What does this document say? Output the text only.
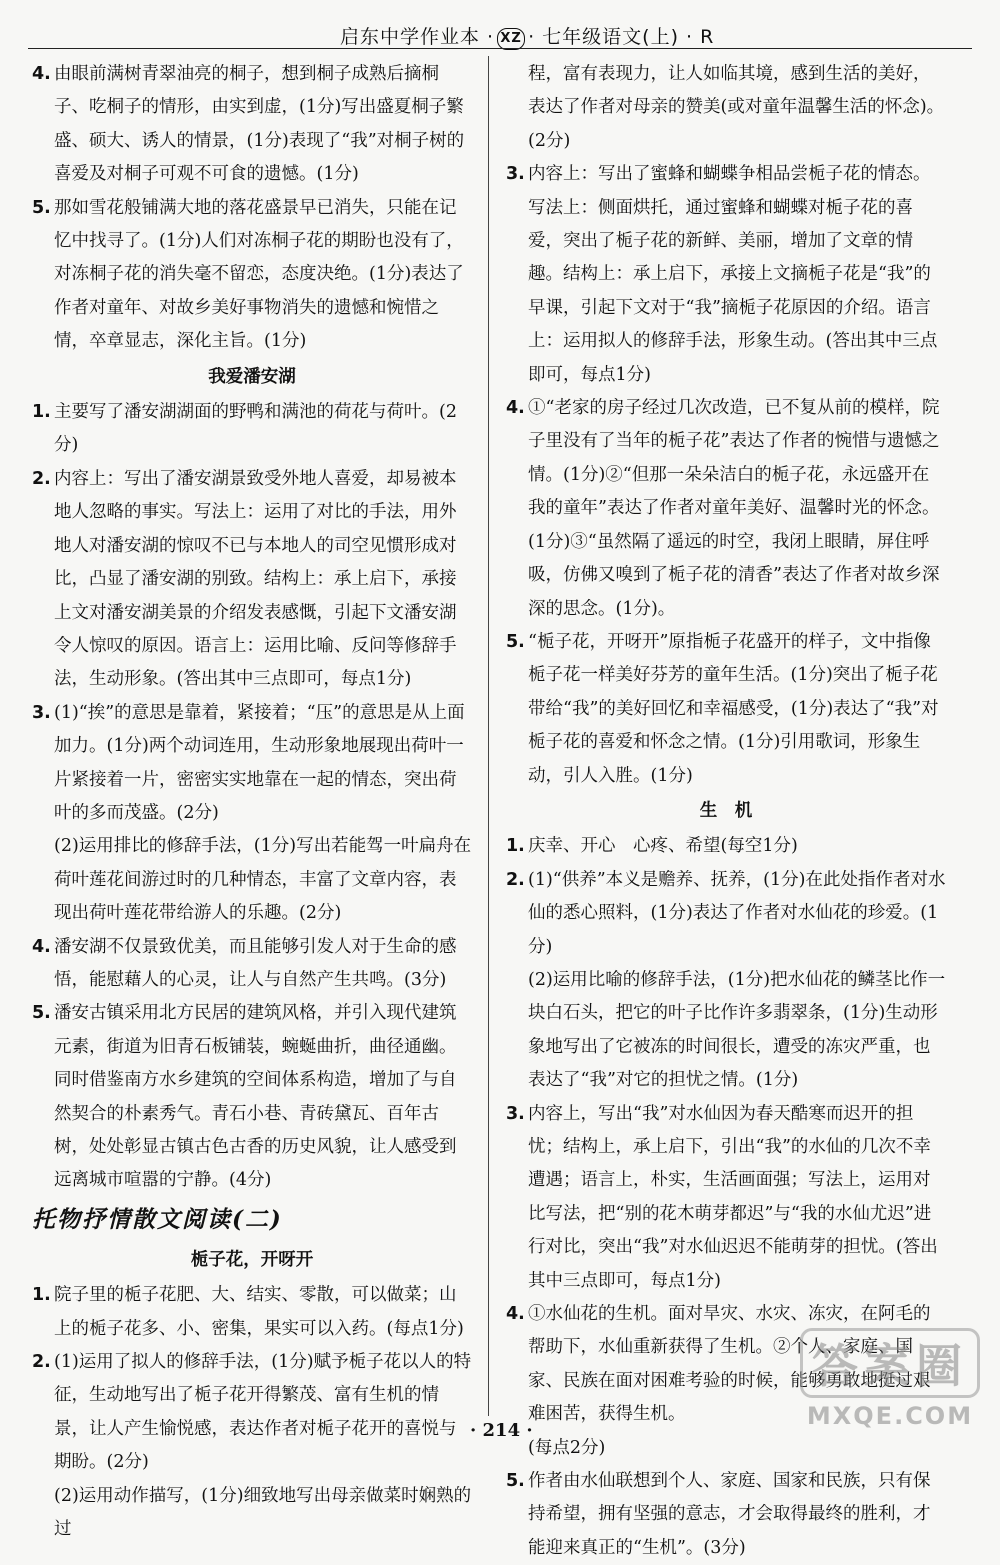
启东中学作业本 · XZ · 七年级语文(上) · R
4. 由眼前满树青翠油亮的桐子，想到桐子成熟后摘桐子、吃桐子的情形，由实到虚，(1分)写出盛夏桐子繁盛、硕大、诱人的情景，(1分)表现了“我”对桐子树的喜爱及对桐子可观不可食的遗憾。(1分)
5. 那如雪花般铺满大地的落花盛景早已消失，只能在记忆中找寻了。(1分)人们对冻桐子花的期盼也没有了，对冻桐子花的消失毫不留恋，态度决绝。(1分)表达了作者对童年、对故乡美好事物消失的遗憾和惋惜之情，卒章显志，深化主旨。(1分)
我爱潘安湖
1. 主要写了潘安湖湖面的野鸭和满池的荷花与荷叶。(2分)
2. 内容上：写出了潘安湖景致受外地人喜爱，却易被本地人忽略的事实。写法上：运用了对比的手法，用外地人对潘安湖的惊叹不已与本地人的司空见惯形成对比，凸显了潘安湖的别致。结构上：承上启下，承接上文对潘安湖美景的介绍发表感慨，引起下文潘安湖令人惊叹的原因。语言上：运用比喻、反问等修辞手法，生动形象。(答出其中三点即可，每点1分)
3. (1)“挨”的意思是靠着，紧接着；“压”的意思是从上面加力。(1分)两个动词连用，生动形象地展现出荷叶一片紧接着一片，密密实实地靠在一起的情态，突出荷叶的多而茂盛。(2分)
(2)运用排比的修辞手法，(1分)写出若能驾一叶扁舟在荷叶莲花间游过时的几种情态，丰富了文章内容，表现出荷叶莲花带给游人的乐趣。(2分)
4. 潘安湖不仅景致优美，而且能够引发人对于生命的感悟，能慰藉人的心灵，让人与自然产生共鸣。(3分)
5. 潘安古镇采用北方民居的建筑风格，并引入现代建筑元素，街道为旧青石板铺装，蜿蜒曲折，曲径通幽。同时借鉴南方水乡建筑的空间体系构造，增加了与自然契合的朴素秀气。青石小巷、青砖黛瓦、百年古树，处处彰显古镇古色古香的历史风貌，让人感受到远离城市喧嚣的宁静。(4分)
托物抒情散文阅读(二)
栀子花，开呀开
1. 院子里的栀子花肥、大、结实、零散，可以做菜；山上的栀子花多、小、密集，果实可以入药。(每点1分)
2. (1)运用了拟人的修辞手法，(1分)赋予栀子花以人的特征，生动地写出了栀子花开得繁茂、富有生机的情景，让人产生愉悦感，表达作者对栀子花开的喜悦与期盼。(2分)
(2)运用动作描写，(1分)细致地写出母亲做菜时娴熟的过
程，富有表现力，让人如临其境，感到生活的美好，表达了作者对母亲的赞美(或对童年温馨生活的怀念)。(2分)
3. 内容上：写出了蜜蜂和蝴蝶争相品尝栀子花的情态。写法上：侧面烘托，通过蜜蜂和蝴蝶对栀子花的喜爱，突出了栀子花的新鲜、美丽，增加了文章的情趣。结构上：承上启下，承接上文摘栀子花是“我”的早课，引起下文对于“我”摘栀子花原因的介绍。语言上：运用拟人的修辞手法，形象生动。(答出其中三点即可，每点1分)
4. ①“老家的房子经过几次改造，已不复从前的模样，院子里没有了当年的栀子花”表达了作者的惋惜与遗憾之情。(1分)②“但那一朵朵洁白的栀子花，永远盛开在我的童年”表达了作者对童年美好、温馨时光的怀念。(1分)③“虽然隔了遥远的时空，我闭上眼睛，屏住呼吸，仿佛又嗅到了栀子花的清香”表达了作者对故乡深深的思念。(1分)。
5. “栀子花，开呀开”原指栀子花盛开的样子，文中指像栀子花一样美好芬芳的童年生活。(1分)突出了栀子花带给“我”的美好回忆和幸福感受，(1分)表达了“我”对栀子花的喜爱和怀念之情。(1分)引用歌词，形象生动，引人入胜。(1分)
生　机
1. 庆幸、开心　心疼、希望(每空1分)
2. (1)“供养”本义是赡养、抚养，(1分)在此处指作者对水仙的悉心照料，(1分)表达了作者对水仙花的珍爱。(1分)
(2)运用比喻的修辞手法，(1分)把水仙花的鳞茎比作一块白石头，把它的叶子比作许多翡翠条，(1分)生动形象地写出了它被冻的时间很长，遭受的冻灾严重，也表达了“我”对它的担忧之情。(1分)
3. 内容上，写出“我”对水仙因为春天酷寒而迟开的担忧；结构上，承上启下，引出“我”的水仙的几次不幸遭遇；语言上，朴实，生活画面强；写法上，运用对比写法，把“别的花木萌芽都迟”与“我的水仙尤迟”进行对比，突出“我”对水仙迟迟不能萌芽的担忧。(答出其中三点即可，每点1分)
4. ①水仙花的生机。面对旱灾、水灾、冻灾，在阿毛的帮助下，水仙重新获得了生机。②个人、家庭、国家、民族在面对困难考验的时候，能够勇敢地挺过艰难困苦，获得生机。
(每点2分)
5. 作者由水仙联想到个人、家庭、国家和民族，只有保持希望，拥有坚强的意志，才会取得最终的胜利，才能迎来真正的“生机”。(3分)
· 214 ·
答案圈
MXQE.COM
